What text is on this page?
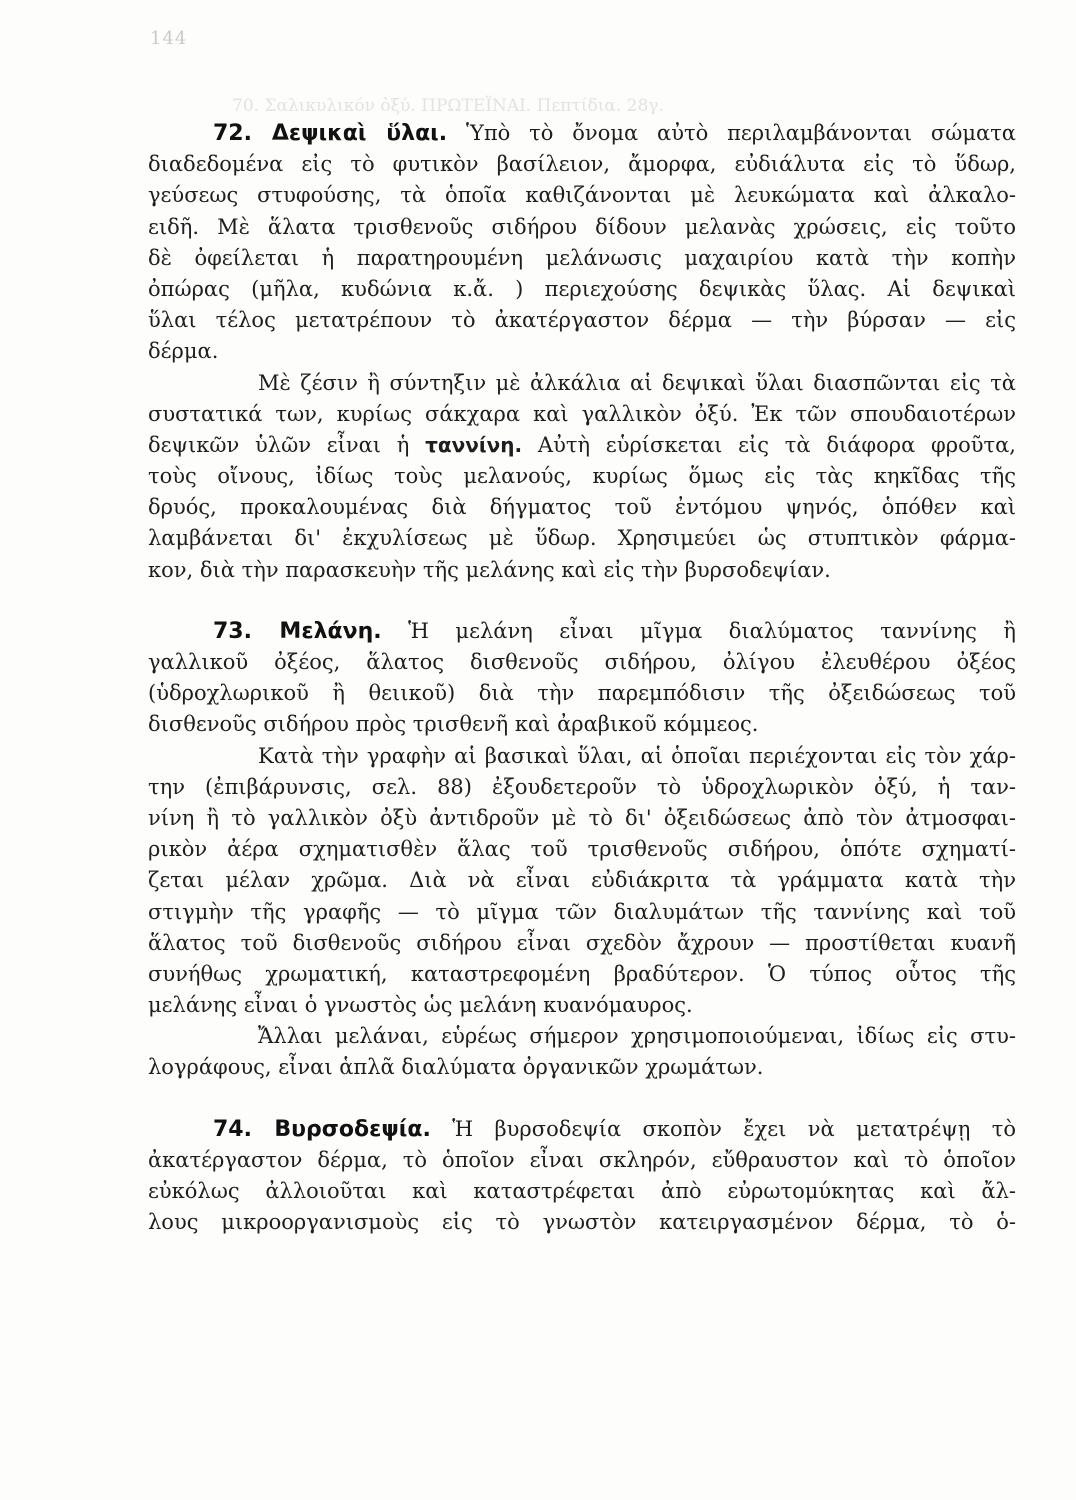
144
70. Σαλικυλικόν ὀξύ. ΠΡΩΤΕΪΝΑΙ. Πεπτίδια. 28γ.
72. Δεψικαὶ ὕλαι. Ὑπὸ τὸ ὄνομα αὐτὸ περιλαμβάνονται σώματα
διαδεδομένα εἰς τὸ φυτικὸν βασίλειον, ἄμορφα, εὐδιάλυτα εἰς τὸ ὕδωρ,
γεύσεως στυφούσης, τὰ ὁποῖα καθιζάνονται μὲ λευκώματα καὶ ἀλκαλο-
ειδῆ. Μὲ ἅλατα τρισθενοῦς σιδήρου δίδουν μελανὰς χρώσεις, εἰς τοῦτο
δὲ ὀφείλεται ἡ παρατηρουμένη μελάνωσις μαχαιρίου κατὰ τὴν κοπὴν
ὀπώρας (μῆλα, κυδώνια κ.ἄ. ) περιεχούσης δεψικὰς ὕλας. Αἱ δεψικαὶ
ὕλαι τέλος μετατρέπουν τὸ ἀκατέργαστον δέρμα — τὴν βύρσαν — εἰς
δέρμα.
Μὲ ζέσιν ἢ σύντηξιν μὲ ἀλκάλια αἱ δεψικαὶ ὕλαι διασπῶνται εἰς τὰ
συστατικά των, κυρίως σάκχαρα καὶ γαλλικὸν ὀξύ. Ἐκ τῶν σπουδαιοτέρων
δεψικῶν ὑλῶν εἶναι ἡ ταννίνη. Αὐτὴ εὑρίσκεται εἰς τὰ διάφορα φροῦτα,
τοὺς οἴνους, ἰδίως τοὺς μελανούς, κυρίως ὅμως εἰς τὰς κηκῖδας τῆς
δρυός, προκαλουμένας διὰ δήγματος τοῦ ἐντόμου ψηνός, ὁπόθεν καὶ
λαμβάνεται δι' ἐκχυλίσεως μὲ ὕδωρ. Χρησιμεύει ὡς στυπτικὸν φάρμα-
κον, διὰ τὴν παρασκευὴν τῆς μελάνης καὶ εἰς τὴν βυρσοδεψίαν.
73. Μελάνη. Ἡ μελάνη εἶναι μῖγμα διαλύματος ταννίνης ἢ
γαλλικοῦ ὀξέος, ἅλατος δισθενοῦς σιδήρου, ὀλίγου ἐλευθέρου ὀξέος
(ὑδροχλωρικοῦ ἢ θειικοῦ) διὰ τὴν παρεμπόδισιν τῆς ὀξειδώσεως τοῦ
δισθενοῦς σιδήρου πρὸς τρισθενῆ καὶ ἀραβικοῦ κόμμεος.
Κατὰ τὴν γραφὴν αἱ βασικαὶ ὕλαι, αἱ ὁποῖαι περιέχονται εἰς τὸν χάρ-
την (ἐπιβάρυνσις, σελ. 88) ἐξουδετεροῦν τὸ ὑδροχλωρικὸν ὀξύ, ἡ ταν-
νίνη ἢ τὸ γαλλικὸν ὀξὺ ἀντιδροῦν μὲ τὸ δι' ὀξειδώσεως ἀπὸ τὸν ἀτμοσφαι-
ρικὸν ἀέρα σχηματισθὲν ἅλας τοῦ τρισθενοῦς σιδήρου, ὁπότε σχηματί-
ζεται μέλαν χρῶμα. Διὰ νὰ εἶναι εὐδιάκριτα τὰ γράμματα κατὰ τὴν
στιγμὴν τῆς γραφῆς — τὸ μῖγμα τῶν διαλυμάτων τῆς ταννίνης καὶ τοῦ
ἅλατος τοῦ δισθενοῦς σιδήρου εἶναι σχεδὸν ἄχρουν — προστίθεται κυανῆ
συνήθως χρωματική, καταστρεφομένη βραδύτερον. Ὁ τύπος οὗτος τῆς
μελάνης εἶναι ὁ γνωστὸς ὡς μελάνη κυανόμαυρος.
Ἄλλαι μελάναι, εὑρέως σήμερον χρησιμοποιούμεναι, ἰδίως εἰς στυ-
λογράφους, εἶναι ἁπλᾶ διαλύματα ὀργανικῶν χρωμάτων.
74. Βυρσοδεψία. Ἡ βυρσοδεψία σκοπὸν ἔχει νὰ μετατρέψῃ τὸ
ἀκατέργαστον δέρμα, τὸ ὁποῖον εἶναι σκληρόν, εὔθραυστον καὶ τὸ ὁποῖον
εὐκόλως ἀλλοιοῦται καὶ καταστρέφεται ἀπὸ εὐρωτομύκητας καὶ ἄλ-
λους μικροοργανισμοὺς εἰς τὸ γνωστὸν κατειργασμένον δέρμα, τὸ ὁ-
